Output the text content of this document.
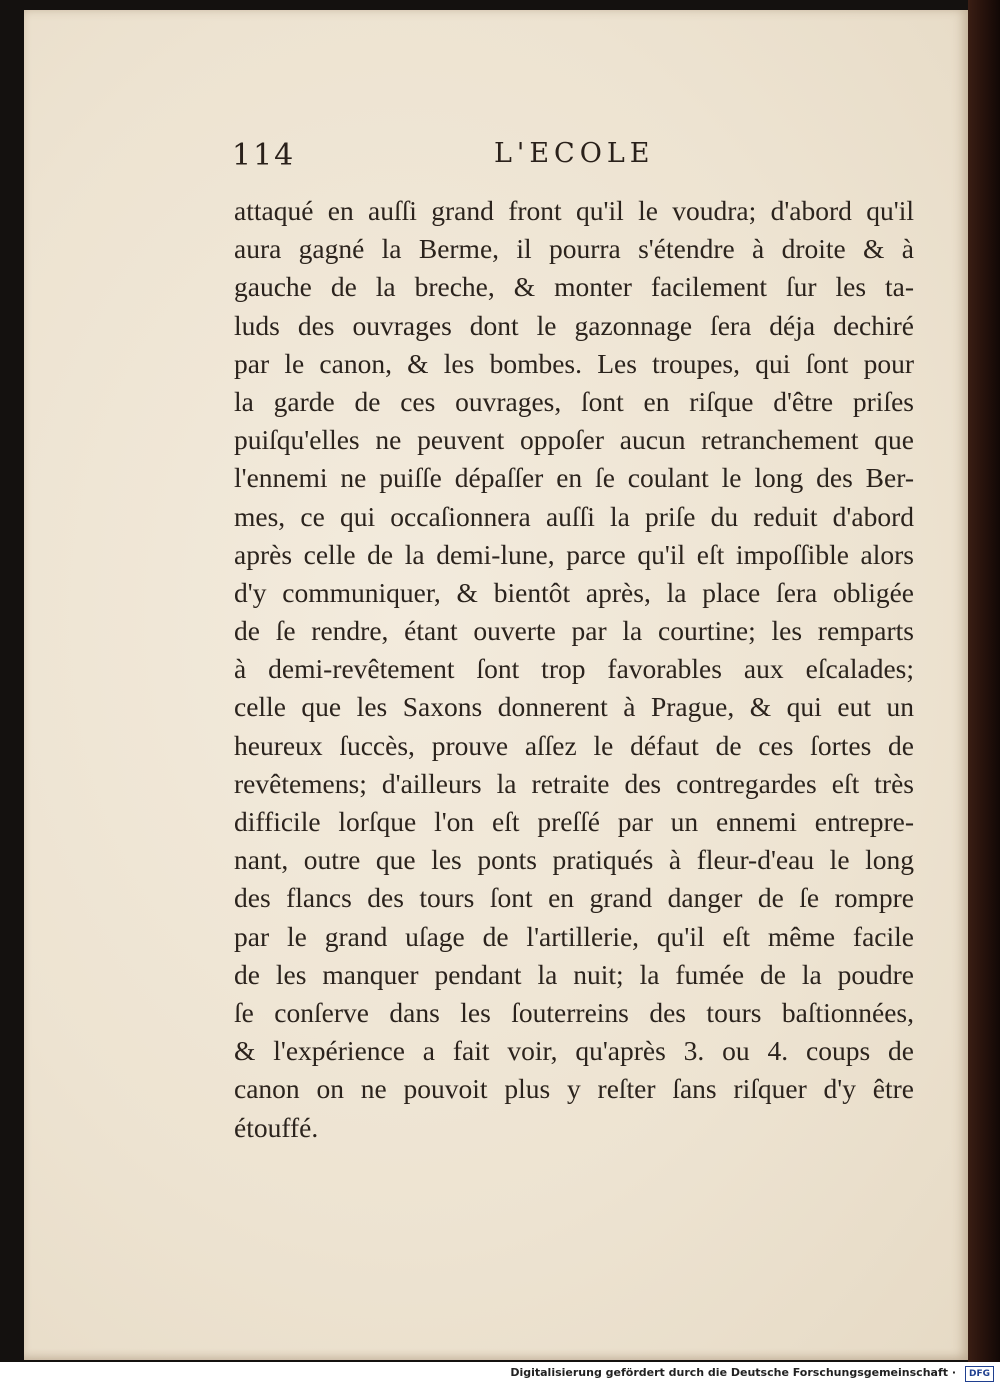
114	L'ECOLE
attaqué en auſſi grand front qu'il le voudra; d'abord qu'il
aura gagné la Berme, il pourra s'étendre à droite & à
gauche de la breche, & monter facilement ſur les ta-
luds des ouvrages dont le gazonnage ſera déja dechiré
par le canon, & les bombes. Les troupes, qui ſont pour
la garde de ces ouvrages, ſont en riſque d'être priſes
puiſqu'elles ne peuvent oppoſer aucun retranchement que
l'ennemi ne puiſſe dépaſſer en ſe coulant le long des Ber-
mes, ce qui occaſionnera auſſi la priſe du reduit d'abord
après celle de la demi-lune, parce qu'il eſt impoſſible alors
d'y communiquer, & bientôt après, la place ſera obligée
de ſe rendre, étant ouverte par la courtine; les remparts
à demi-revêtement ſont trop favorables aux eſcalades;
celle que les Saxons donnerent à Prague, & qui eut un
heureux ſuccès, prouve aſſez le défaut de ces ſortes de
revêtemens; d'ailleurs la retraite des contregardes eſt très
difficile lorſque l'on eſt preſſé par un ennemi entrepre-
nant, outre que les ponts pratiqués à fleur-d'eau le long
des flancs des tours ſont en grand danger de ſe rompre
par le grand uſage de l'artillerie, qu'il eſt même facile
de les manquer pendant la nuit; la fumée de la poudre
ſe conſerve dans les ſouterreins des tours baſtionnées,
& l'expérience a fait voir, qu'après 3. ou 4. coups de
canon on ne pouvoit plus y reſter ſans riſquer d'y être
étouffé.
Digitalisierung gefördert durch die Deutsche Forschungsgemeinschaft ·	DFG
